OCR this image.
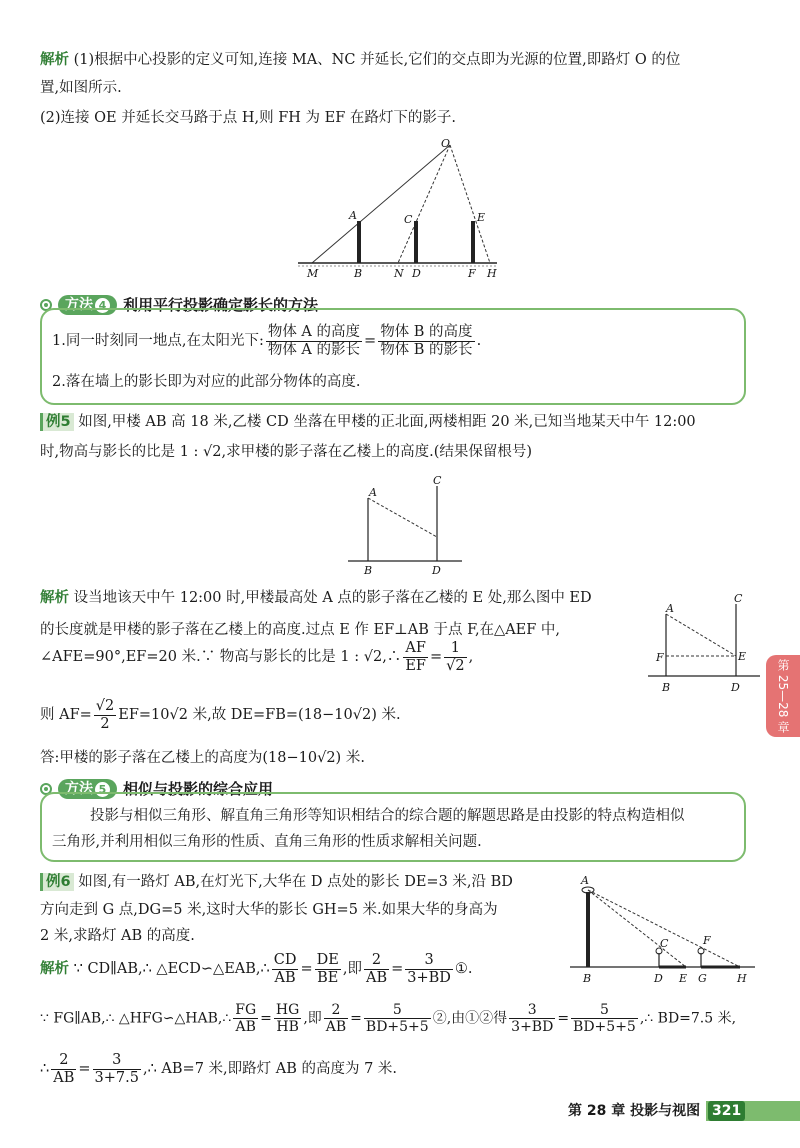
解析 (1)根据中心投影的定义可知,连接 MA、NC 并延长,它们的交点即为光源的位置,即路灯 O 的位
置,如图所示.
(2)连接 OE 并延长交马路于点 H,则 FH 为 EF 在路灯下的影子.
O
A	C	E
M	B	N D	F H
方法 4 利用平行投影确定影长的方法
1.同一时刻同一地点,在太阳光下: $\frac{\text{物体 A 的高度}}{\text{物体 A 的影长}} = \frac{\text{物体 B 的高度}}{\text{物体 B 的影长}}$ .
2.落在墙上的影长即为对应的此部分物体的高度.
例5 如图,甲楼 AB 高 18 米,乙楼 CD 坐落在甲楼的正北面,两楼相距 20 米,已知当地某天中午 12:00
时,物高与影长的比是 1 : √2,求甲楼的影子落在乙楼上的高度.(结果保留根号)
A
C
B	D
解析 设当地该天中午 12:00 时,甲楼最高处 A 点的影子落在乙楼的 E 处,那么图中 ED
的长度就是甲楼的影子落在乙楼上的高度.过点 E 作 EF⊥AB 于点 F,在△AEF 中,
∠AFE=90°,EF=20 米.∵ 物高与影长的比是 1 : √2,∴ $\frac{AF}{EF} = \frac{1}{√2}$ ,
则 $AF= \frac{√2}{2} EF=10√2$ 米,故 DE=FB=(18−10√2) 米.
答:甲楼的影子落在乙楼上的高度为(18−10√2) 米.
A
C
F	E
B	D	第 25—28 章
方法 5 相似与投影的综合应用
投影与相似三角形、解直角三角形等知识相结合的综合题的解题思路是由投影的特点构造相似
三角形,并利用相似三角形的性质、直角三角形的性质求解相关问题.
例6 如图,有一路灯 AB,在灯光下,大华在 D 点处的影长 DE=3 米,沿 BD
方向走到 G 点,DG=5 米,这时大华的影长 GH=5 米.如果大华的身高为
2 米,求路灯 AB 的高度.
A
C	F
B	D E G	H
解析 ∵ CD∥AB,∴ △ECD∽△EAB,∴ $\frac{CD}{AB} = \frac{DE}{BE}$ ,即 $\frac{2}{AB} = \frac{3}{3+BD}$ ①.
∵ FG∥AB,∴ △HFG∽△HAB,∴ $\frac{FG}{AB} = \frac{HG}{HB}$ ,即 $\frac{2}{AB} = \frac{5}{BD+5+5}$ ②,由①②得 $\frac{3}{3+BD} = \frac{5}{BD+5+5}$ ,∴ BD=7.5 米,
∴ $\frac{2}{AB} = \frac{3}{3+7.5}$ ,∴ AB=7 米,即路灯 AB 的高度为 7 米.
第 28 章 投影与视图 321
